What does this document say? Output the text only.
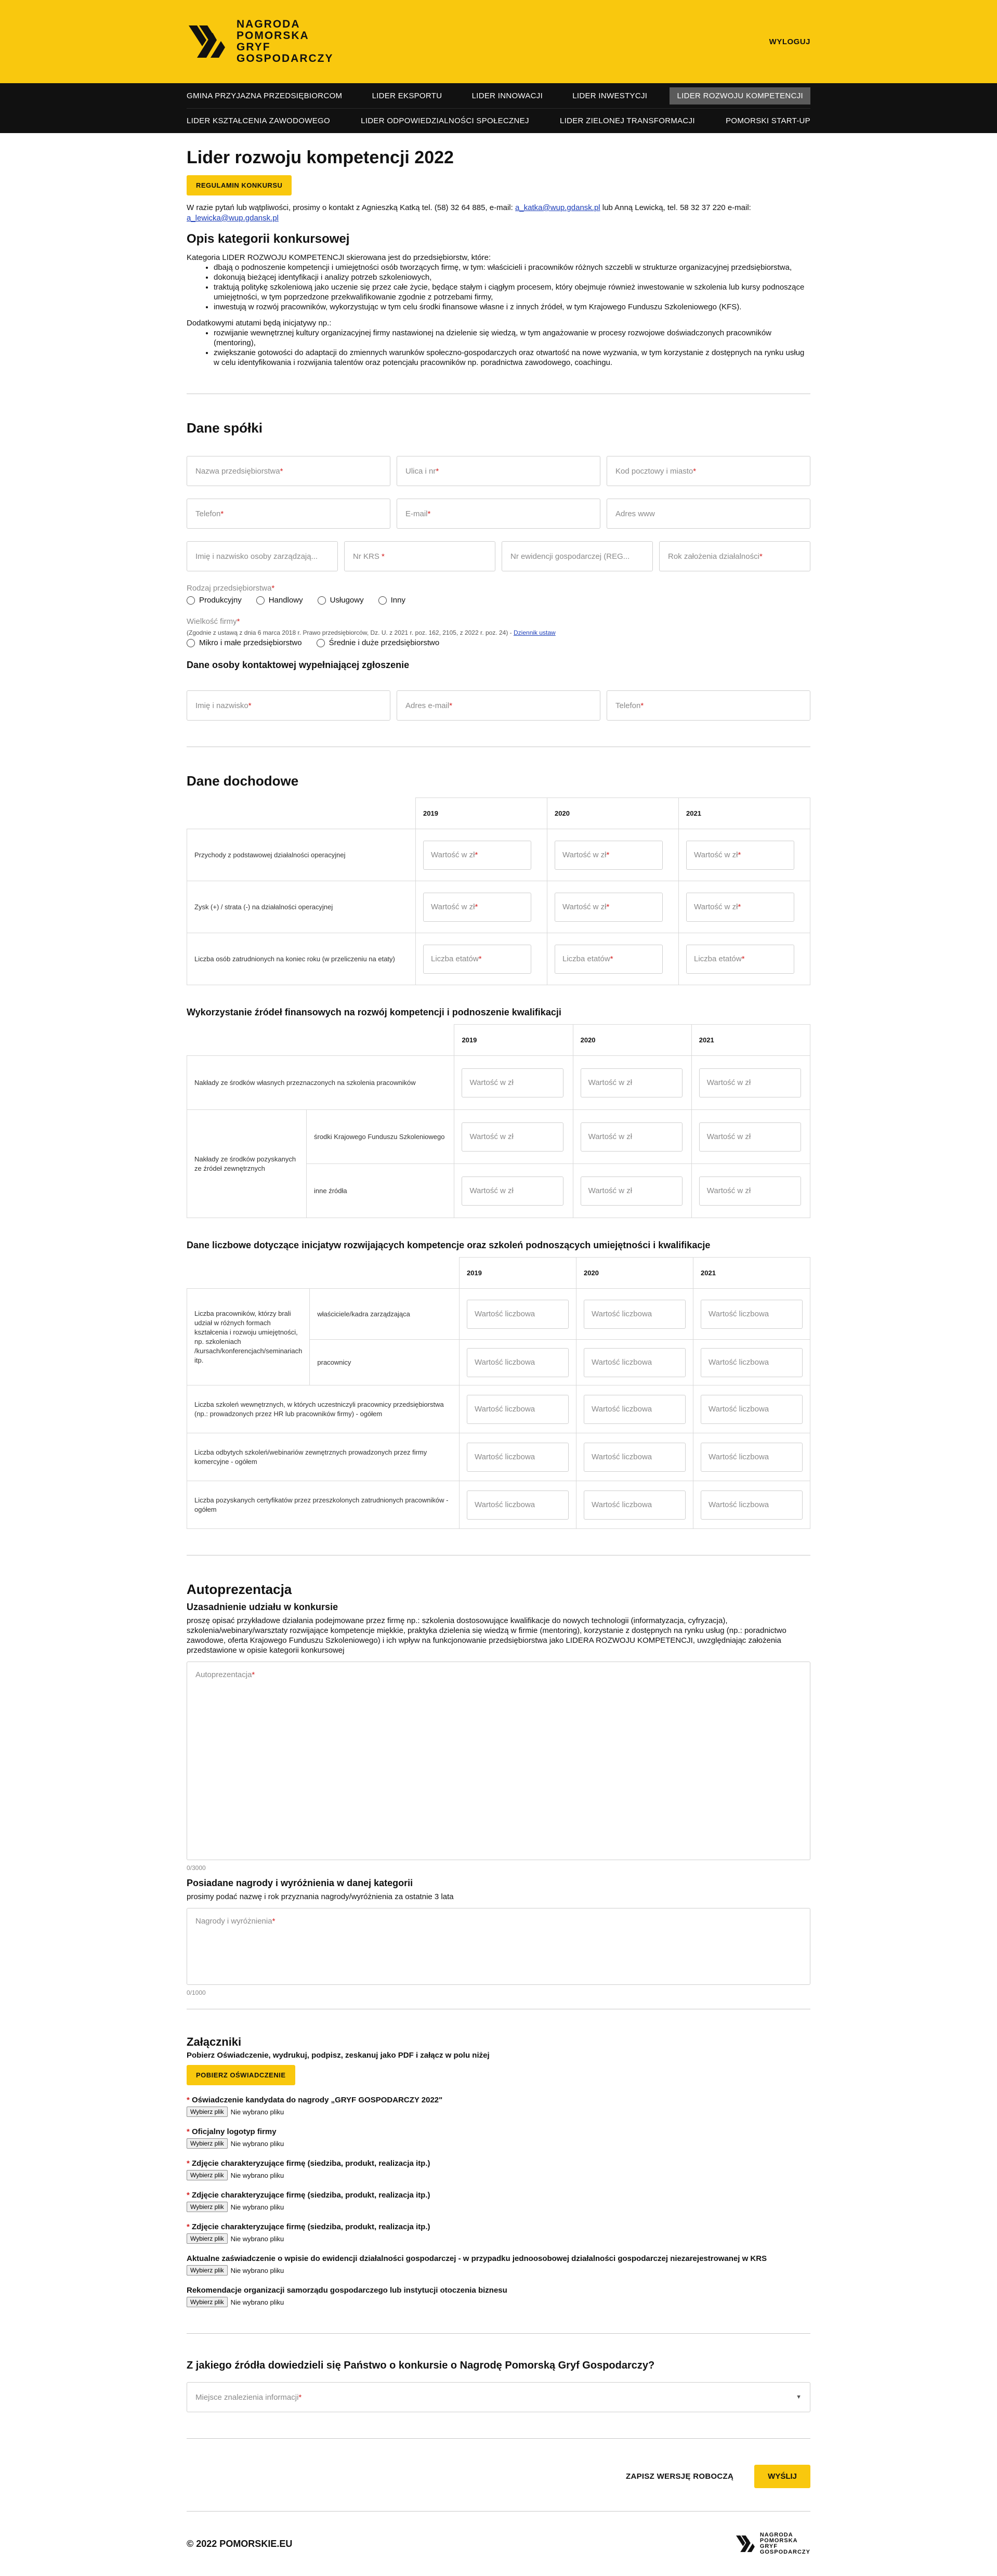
NAGRODA
POMORSKA
GRYF
GOSPODARCZY
WYLOGUJ
GMINA PRZYJAZNA PRZEDSIĘBIORCOM	LIDER EKSPORTU	LIDER INNOWACJI	LIDER INWESTYCJI	LIDER ROZWOJU KOMPETENCJI
LIDER KSZTAŁCENIA ZAWODOWEGO	LIDER ODPOWIEDZIALNOŚCI SPOŁECZNEJ	LIDER ZIELONEJ TRANSFORMACJI	POMORSKI START-UP
Lider rozwoju kompetencji 2022
REGULAMIN KONKURSU
W razie pytań lub wątpliwości, prosimy o kontakt z Agnieszką Katką tel. (58) 32 64 885, e-mail: a_katka@wup.gdansk.pl lub Anną Lewicką, tel. 58 32 37 220 e-mail: a_lewicka@wup.gdansk.pl
Opis kategorii konkursowej

Kategoria LIDER ROZWOJU KOMPETENCJI skierowana jest do przedsiębiorstw, które:

• dbają o podnoszenie kompetencji i umiejętności osób tworzących firmę, w tym: właścicieli i pracowników różnych szczebli w strukturze organizacyjnej przedsiębiorstwa,
• dokonują bieżącej identyfikacji i analizy potrzeb szkoleniowych,
• traktują politykę szkoleniową jako uczenie się przez całe życie, będące stałym i ciągłym procesem, który obejmuje również inwestowanie w szkolenia lub kursy podnoszące umiejętności, w tym poprzedzone przekwalifikowanie zgodnie z potrzebami firmy,
• inwestują w rozwój pracowników, wykorzystując w tym celu środki finansowe własne i z innych źródeł, w tym Krajowego Funduszu Szkoleniowego (KFS).

Dodatkowymi atutami będą inicjatywy np.:

• rozwijanie wewnętrznej kultury organizacyjnej firmy nastawionej na dzielenie się wiedzą, w tym angażowanie w procesy rozwojowe doświadczonych pracowników (mentoring),
• zwiększanie gotowości do adaptacji do zmiennych warunków społeczno-gospodarczych oraz otwartość na nowe wyzwania, w tym korzystanie z dostępnych na rynku usług w celu identyfikowania i rozwijania talentów oraz potencjału pracowników np. poradnictwa zawodowego, coachingu.
Dane spółki
Nazwa przedsiębiorstwa *	Ulica i nr *	Kod pocztowy i miasto *
Telefon *	E-mail *	Adres www
Imię i nazwisko osoby zarządzają...	Nr KRS *	Nr ewidencji gospodarczej (REG...	Rok założenia działalności *
Rodzaj przedsiębiorstwa*
Produkcyjny	Handlowy	Usługowy	Inny
Wielkość firmy*
(Zgodnie z ustawą z dnia 6 marca 2018 r. Prawo przedsiębiorców, Dz. U. z 2021 r. poz. 162, 2105, z 2022 r. poz. 24) - Dziennik ustaw
Mikro i małe przedsiębiorstwo	Średnie i duże przedsiębiorstwo
Dane osoby kontaktowej wypełniającej zgłoszenie
Imię i nazwisko *	Adres e-mail *	Telefon *
Dane dochodowe
	2019	2020	2021
Przychody z podstawowej działalności operacyjnej	Wartość w zł *	Wartość w zł *	Wartość w zł *

Zysk (+) / strata (-) na działalności operacyjnej	Wartość w zł *	Wartość w zł *	Wartość w zł *

Liczba osób zatrudnionych na koniec roku (w przeliczeniu na etaty)	Liczba etatów *	Liczba etatów *	Liczba etatów *
Wykorzystanie źródeł finansowych na rozwój kompetencji i podnoszenie kwalifikacji
		2019	2020	2021
Nakłady ze środków własnych przeznaczonych na szkolenia pracowników		Wartość w zł	Wartość w zł	Wartość w zł

Nakłady ze środków pozyskanych ze źródeł zewnętrznych	środki Krajowego Funduszu Szkoleniowego	Wartość w zł	Wartość w zł	Wartość w zł

	inne źródła	Wartość w zł	Wartość w zł	Wartość w zł
Dane liczbowe dotyczące inicjatyw rozwijających kompetencje oraz szkoleń podnoszących umiejętności i kwalifikacje
		2019	2020	2021
Liczba pracowników, którzy brali udział w różnych formach kształcenia i rozwoju umiejętności, np. szkoleniach /kursach/konferencjach/seminariach itp.	właściciele/kadra zarządzająca	Wartość liczbowa	Wartość liczbowa	Wartość liczbowa

	pracownicy	Wartość liczbowa	Wartość liczbowa	Wartość liczbowa

Liczba szkoleń wewnętrznych, w których uczestniczyli pracownicy przedsiębiorstwa (np.: prowadzonych przez HR lub pracowników firmy) - ogółem		Wartość liczbowa	Wartość liczbowa	Wartość liczbowa

Liczba odbytych szkoleń/webinariów zewnętrznych prowadzonych przez firmy komercyjne - ogółem		Wartość liczbowa	Wartość liczbowa	Wartość liczbowa

Liczba pozyskanych certyfikatów przez przeszkolonych zatrudnionych pracowników - ogółem		Wartość liczbowa	Wartość liczbowa	Wartość liczbowa
Autoprezentacja
Uzasadnienie udziału w konkursie

proszę opisać przykładowe działania podejmowane przez firmę np.: szkolenia dostosowujące kwalifikacje do nowych technologii (informatyzacja, cyfryzacja), szkolenia/webinary/warsztaty rozwijające kompetencje miękkie, praktyka dzielenia się wiedzą w firmie (mentoring), korzystanie z dostępnych na rynku usług (np.: poradnictwo zawodowe, oferta Krajowego Funduszu Szkoleniowego) i ich wpływ na funkcjonowanie przedsiębiorstwa jako LIDERA ROZWOJU KOMPETENCJI, uwzględniając założenia przedstawione w opisie kategorii konkursowej

Autoprezentacja*
0/3000
Posiadane nagrody i wyróżnienia w danej kategorii

prosimy podać nazwę i rok przyznania nagrody/wyróżnienia za ostatnie 3 lata

Nagrody i wyróżnienia*
0/1000
Załączniki
Pobierz Oświadczenie, wydrukuj, podpisz, zeskanuj jako PDF i załącz w polu niżej
POBIERZ OŚWIADCZENIE
* Oświadczenie kandydata do nagrody „GRYF GOSPODARCZY 2022"
Wybierz plik	Nie wybrano pliku
* Oficjalny logotyp firmy
Wybierz plik	Nie wybrano pliku
* Zdjęcie charakteryzujące firmę (siedziba, produkt, realizacja itp.)
Wybierz plik	Nie wybrano pliku
* Zdjęcie charakteryzujące firmę (siedziba, produkt, realizacja itp.)
Wybierz plik	Nie wybrano pliku
* Zdjęcie charakteryzujące firmę (siedziba, produkt, realizacja itp.)
Wybierz plik	Nie wybrano pliku
Aktualne zaświadczenie o wpisie do ewidencji działalności gospodarczej - w przypadku jednoosobowej działalności gospodarczej niezarejestrowanej w KRS
Wybierz plik	Nie wybrano pliku
Rekomendacje organizacji samorządu gospodarczego lub instytucji otoczenia biznesu
Wybierz plik	Nie wybrano pliku
Z jakiego źródła dowiedzieli się Państwo o konkursie o Nagrodę Pomorską Gryf Gospodarczy?
Miejsce znalezienia informacji*	▼
ZAPISZ WERSJĘ ROBOCZĄ	WYŚLIJ
© 2022 POMORSKIE.EU
NAGRODA
POMORSKA
GRYF
GOSPODARCZY
